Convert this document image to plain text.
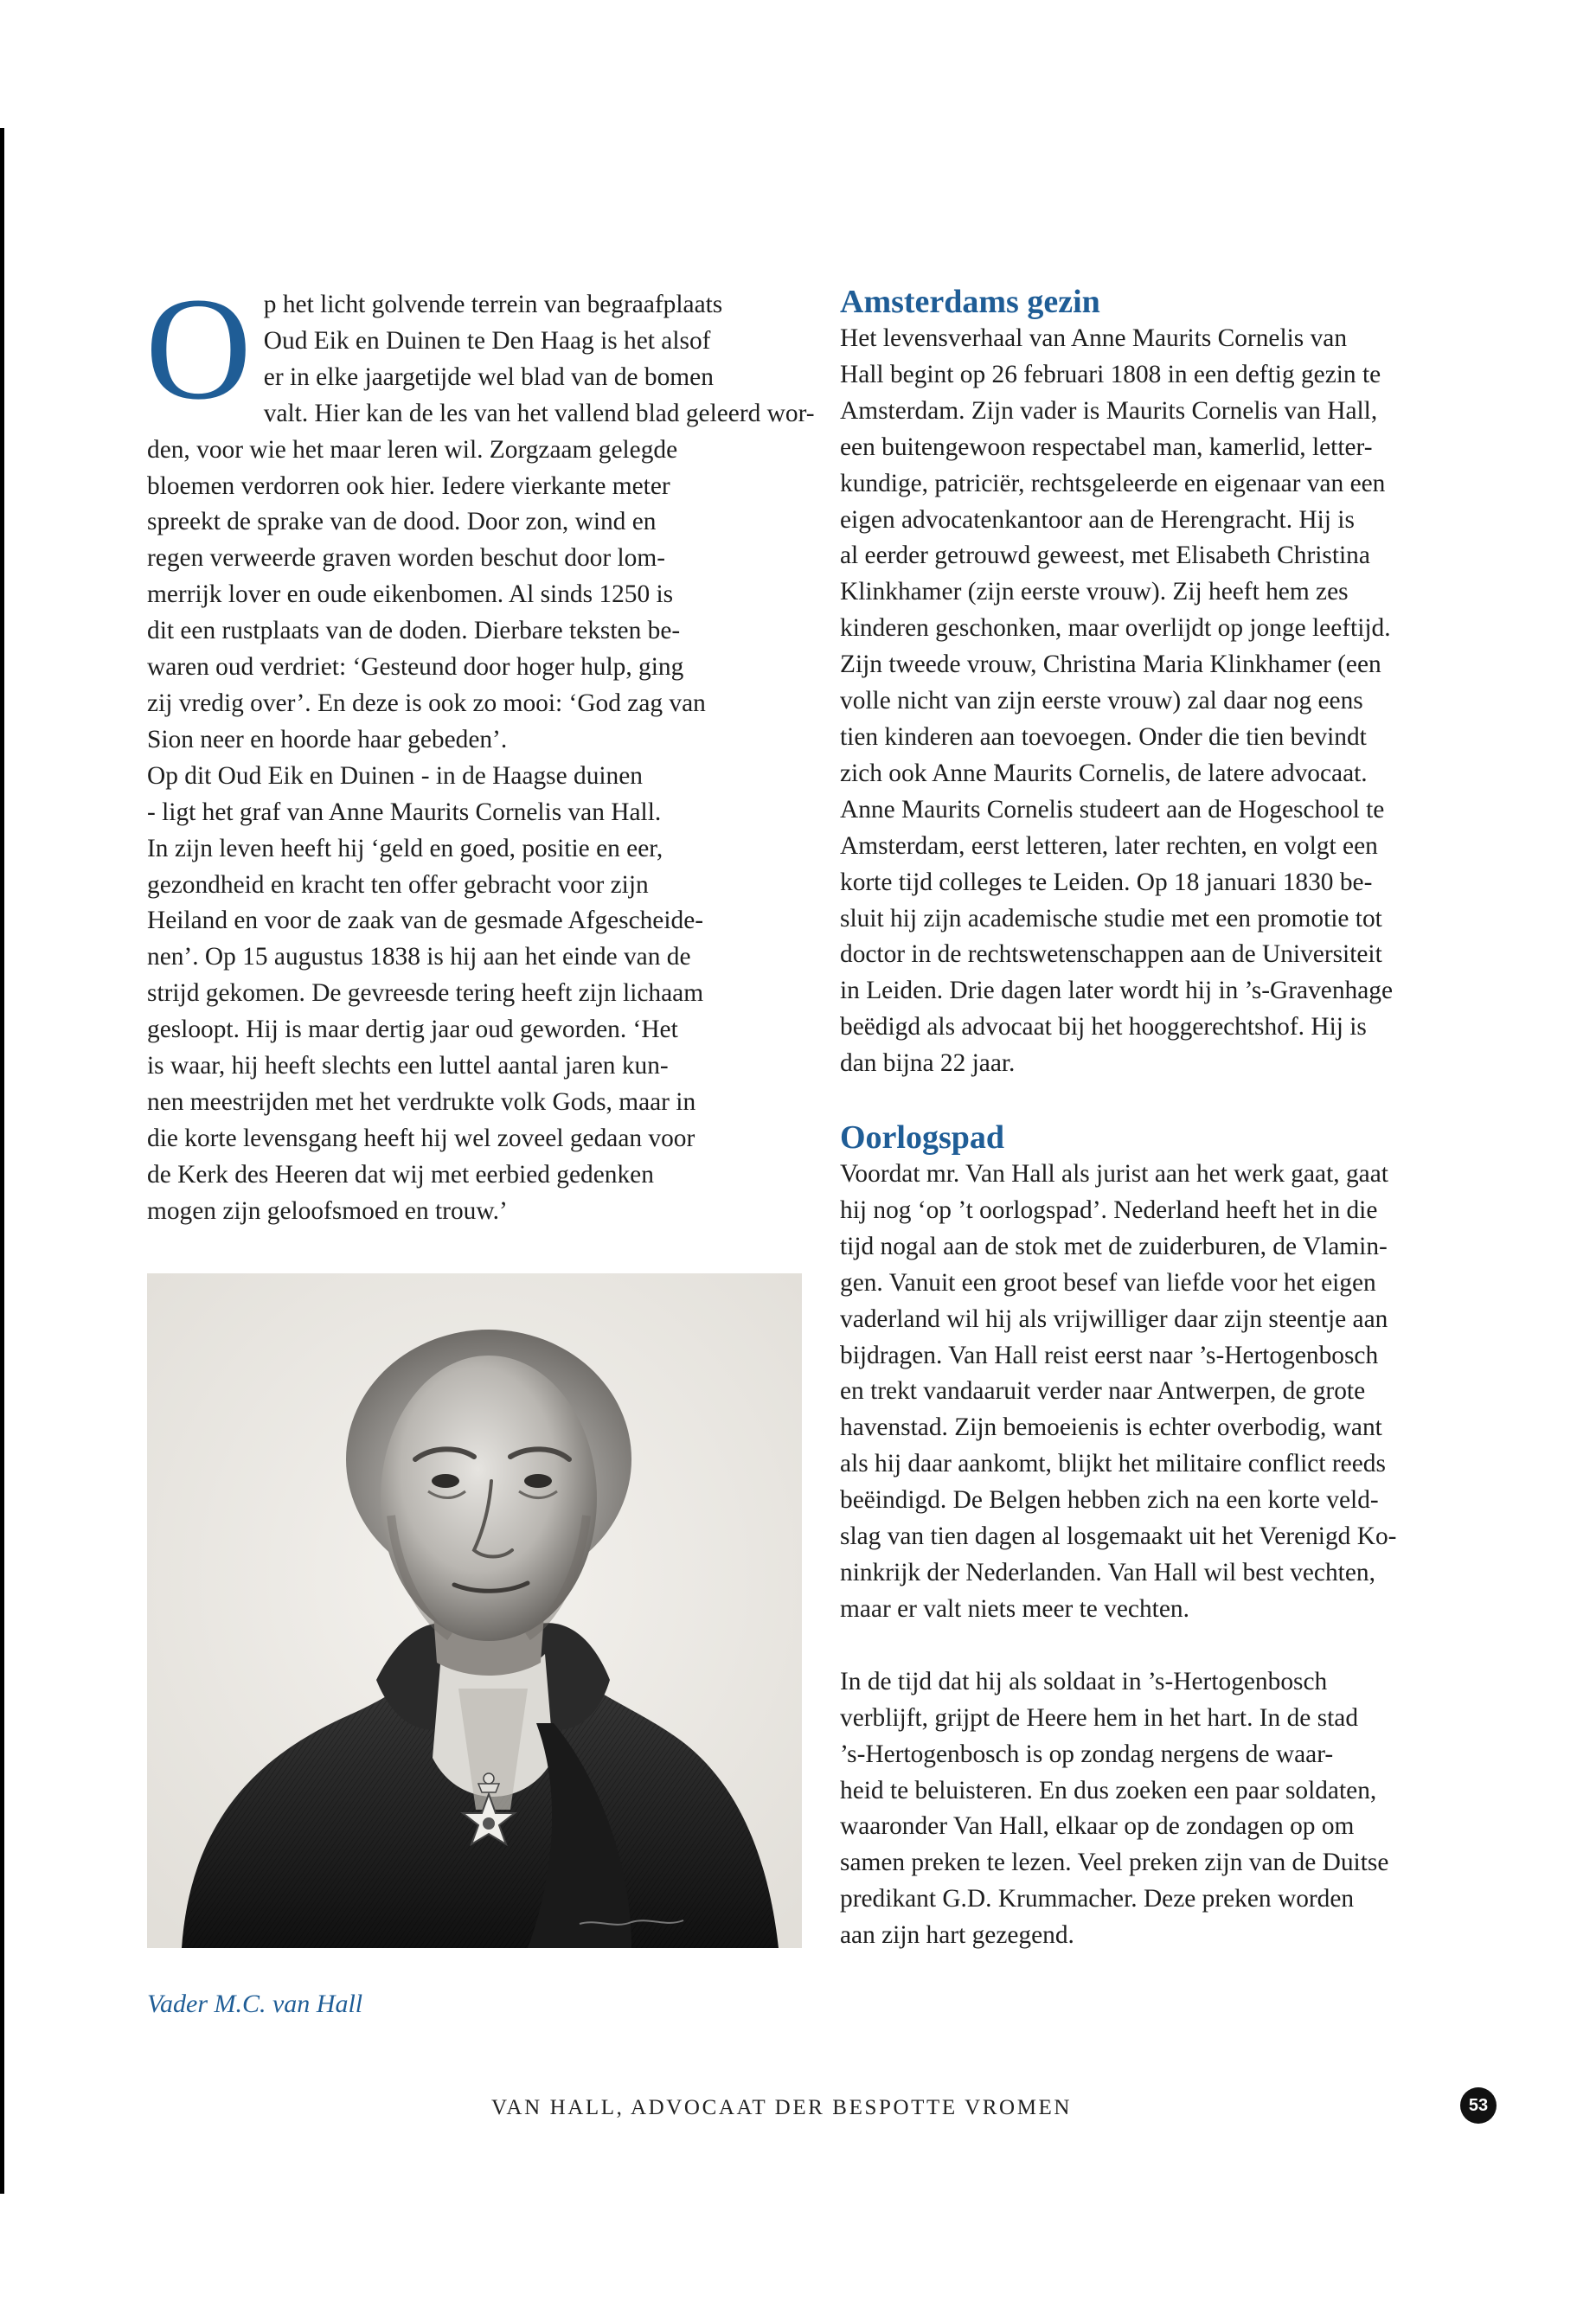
O p het licht golvende terrein van begraafplaats
Oud Eik en Duinen te Den Haag is het alsof
er in elke jaargetijde wel blad van de bomen
valt. Hier kan de les van het vallend blad geleerd wor-
den, voor wie het maar leren wil. Zorgzaam gelegde
bloemen verdorren ook hier. Iedere vierkante meter
spreekt de sprake van de dood. Door zon, wind en
regen verweerde graven worden beschut door lom-
merrijk lover en oude eikenbomen. Al sinds 1250 is
dit een rustplaats van de doden. Dierbare teksten be-
waren oud verdriet: ‘Gesteund door hoger hulp, ging
zij vredig over’. En deze is ook zo mooi: ‘God zag van
Sion neer en hoorde haar gebeden’.

Op dit Oud Eik en Duinen - in de Haagse duinen
- ligt het graf van Anne Maurits Cornelis van Hall.
In zijn leven heeft hij ‘geld en goed, positie en eer,
gezondheid en kracht ten offer gebracht voor zijn
Heiland en voor de zaak van de gesmade Afgescheide-
nen’. Op 15 augustus 1838 is hij aan het einde van de
strijd gekomen. De gevreesde tering heeft zijn lichaam
gesloopt. Hij is maar dertig jaar oud geworden. ‘Het
is waar, hij heeft slechts een luttel aantal jaren kun-
nen meestrijden met het verdrukte volk Gods, maar in
die korte levensgang heeft hij wel zoveel gedaan voor
de Kerk des Heeren dat wij met eerbied gedenken
mogen zijn geloofsmoed en trouw.’

Vader M.C. van Hall
Amsterdams gezin

Het levensverhaal van Anne Maurits Cornelis van
Hall begint op 26 februari 1808 in een deftig gezin te
Amsterdam. Zijn vader is Maurits Cornelis van Hall,
een buitengewoon respectabel man, kamerlid, letter-
kundige, patriciër, rechtsgeleerde en eigenaar van een
eigen advocatenkantoor aan de Herengracht. Hij is
al eerder getrouwd geweest, met Elisabeth Christina
Klinkhamer (zijn eerste vrouw). Zij heeft hem zes
kinderen geschonken, maar overlijdt op jonge leeftijd.
Zijn tweede vrouw, Christina Maria Klinkhamer (een
volle nicht van zijn eerste vrouw) zal daar nog eens
tien kinderen aan toevoegen. Onder die tien bevindt
zich ook Anne Maurits Cornelis, de latere advocaat.
Anne Maurits Cornelis studeert aan de Hogeschool te
Amsterdam, eerst letteren, later rechten, en volgt een
korte tijd colleges te Leiden. Op 18 januari 1830 be-
sluit hij zijn academische studie met een promotie tot
doctor in de rechtswetenschappen aan de Universiteit
in Leiden. Drie dagen later wordt hij in ’s-Gravenhage
beëdigd als advocaat bij het hooggerechtshof. Hij is
dan bijna 22 jaar.

Oorlogspad

Voordat mr. Van Hall als jurist aan het werk gaat, gaat
hij nog ‘op ’t oorlogspad’. Nederland heeft het in die
tijd nogal aan de stok met de zuiderburen, de Vlamin-
gen. Vanuit een groot besef van liefde voor het eigen
vaderland wil hij als vrijwilliger daar zijn steentje aan
bijdragen. Van Hall reist eerst naar ’s-Hertogenbosch
en trekt vandaaruit verder naar Antwerpen, de grote
havenstad. Zijn bemoeienis is echter overbodig, want
als hij daar aankomt, blijkt het militaire conflict reeds
beëindigd. De Belgen hebben zich na een korte veld-
slag van tien dagen al losgemaakt uit het Verenigd Ko-
ninkrijk der Nederlanden. Van Hall wil best vechten,
maar er valt niets meer te vechten.

In de tijd dat hij als soldaat in ’s-Hertogenbosch
verblijft, grijpt de Heere hem in het hart. In de stad
’s-Hertogenbosch is op zondag nergens de waar-
heid te beluisteren. En dus zoeken een paar soldaten,
waaronder Van Hall, elkaar op de zondagen op om
samen preken te lezen. Veel preken zijn van de Duitse
predikant G.D. Krummacher. Deze preken worden
aan zijn hart gezegend.

VAN HALL, ADVOCAAT DER BESPOTTE VROMEN	53
